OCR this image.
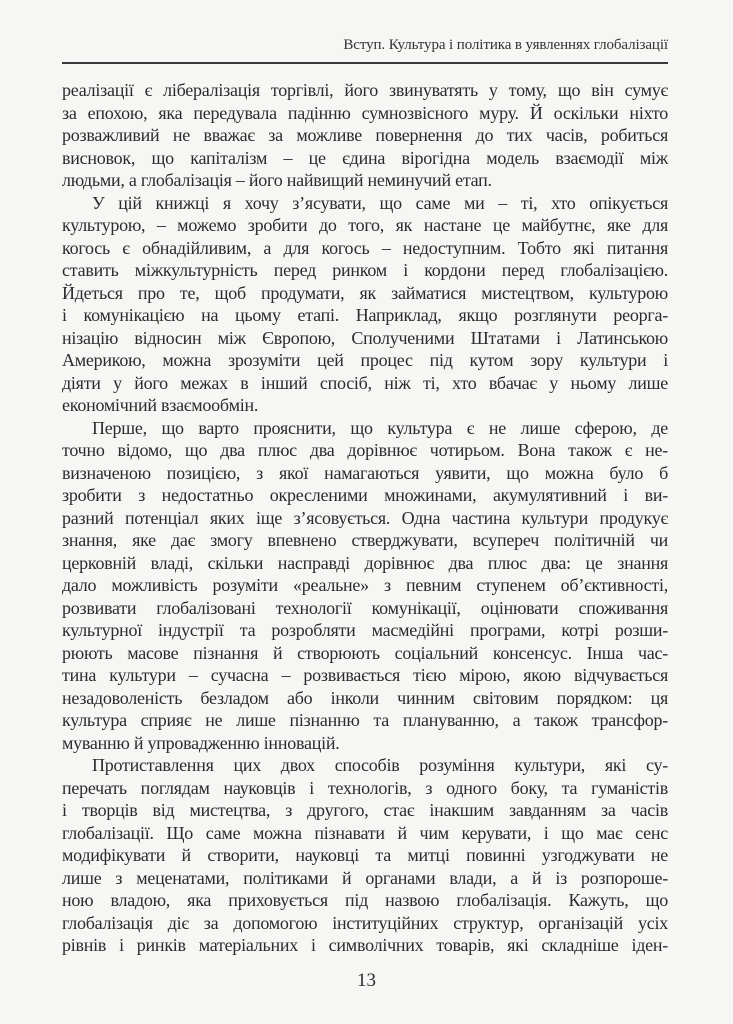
Вступ. Культура і політика в уявленнях глобалізації
реалізації є лібералізація торгівлі, його звинуватять у тому, що він сумує
за епохою, яка передувала падінню сумнозвісного муру. Й оскільки ніхто
розважливий не вважає за можливе повернення до тих часів, робиться
висновок, що капіталізм – це єдина вірогідна модель взаємодії між
людьми, а глобалізація – його найвищий неминучий етап.
У цій книжці я хочу з’ясувати, що саме ми – ті, хто опікується
культурою, – можемо зробити до того, як настане це майбутнє, яке для
когось є обнадійливим, а для когось – недоступним. Тобто які питання
ставить міжкультурність перед ринком і кордони перед глобалізацією.
Йдеться про те, щоб продумати, як займатися мистецтвом, культурою
і комунікацією на цьому етапі. Наприклад, якщо розглянути реорга-
нізацію відносин між Європою, Сполученими Штатами і Латинською
Америкою, можна зрозуміти цей процес під кутом зору культури і
діяти у його межах в інший спосіб, ніж ті, хто вбачає у ньому лише
економічний взаємообмін.
Перше, що варто прояснити, що культура є не лише сферою, де
точно відомо, що два плюс два дорівнює чотирьом. Вона також є не-
визначеною позицією, з якої намагаються уявити, що можна було б
зробити з недостатньо окресленими множинами, акумулятивний і ви-
разний потенціал яких іще з’ясовується. Одна частина культури продукує
знання, яке дає змогу впевнено стверджувати, всупереч політичній чи
церковній владі, скільки насправді дорівнює два плюс два: це знання
дало можливість розуміти «реальне» з певним ступенем об’єктивності,
розвивати глобалізовані технології комунікації, оцінювати споживання
культурної індустрії та розробляти масмедійні програми, котрі розши-
рюють масове пізнання й створюють соціальний консенсус. Інша час-
тина культури – сучасна – розвивається тією мірою, якою відчувається
незадоволеність безладом або інколи чинним світовим порядком: ця
культура сприяє не лише пізнанню та плануванню, а також трансфор-
муванню й упровадженню інновацій.
Протиставлення цих двох способів розуміння культури, які су-
перечать поглядам науковців і технологів, з одного боку, та гуманістів
і творців від мистецтва, з другого, стає інакшим завданням за часів
глобалізації. Що саме можна пізнавати й чим керувати, і що має сенс
модифікувати й створити, науковці та митці повинні узгоджувати не
лише з меценатами, політиками й органами влади, а й із розпороше-
ною владою, яка приховується під назвою глобалізація. Кажуть, що
глобалізація діє за допомогою інституційних структур, організацій усіх
рівнів і ринків матеріальних і символічних товарів, які складніше іден-
13
